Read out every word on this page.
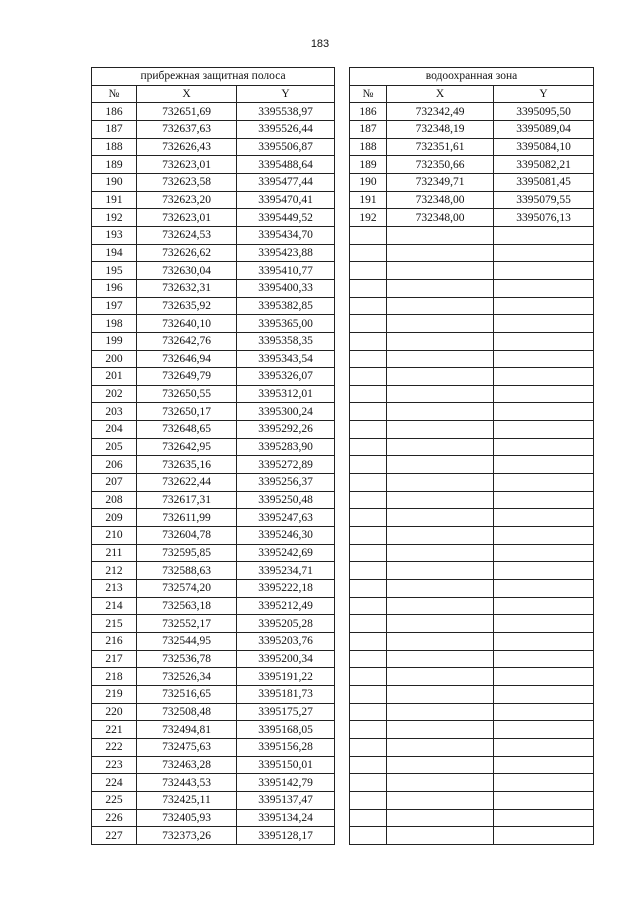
183
прибрежная защитная полоса				водоохранная зона		
№	X	Y		№	X	Y
186	732651,69	3395538,97		186	732342,49	3395095,50
187	732637,63	3395526,44		187	732348,19	3395089,04
188	732626,43	3395506,87		188	732351,61	3395084,10
189	732623,01	3395488,64		189	732350,66	3395082,21
190	732623,58	3395477,44		190	732349,71	3395081,45
191	732623,20	3395470,41		191	732348,00	3395079,55
192	732623,01	3395449,52		192	732348,00	3395076,13
193	732624,53	3395434,70				
194	732626,62	3395423,88				
195	732630,04	3395410,77				
196	732632,31	3395400,33				
197	732635,92	3395382,85				
198	732640,10	3395365,00				
199	732642,76	3395358,35				
200	732646,94	3395343,54				
201	732649,79	3395326,07				
202	732650,55	3395312,01				
203	732650,17	3395300,24				
204	732648,65	3395292,26				
205	732642,95	3395283,90				
206	732635,16	3395272,89				
207	732622,44	3395256,37				
208	732617,31	3395250,48				
209	732611,99	3395247,63				
210	732604,78	3395246,30				
211	732595,85	3395242,69				
212	732588,63	3395234,71				
213	732574,20	3395222,18				
214	732563,18	3395212,49				
215	732552,17	3395205,28				
216	732544,95	3395203,76				
217	732536,78	3395200,34				
218	732526,34	3395191,22				
219	732516,65	3395181,73				
220	732508,48	3395175,27				
221	732494,81	3395168,05				
222	732475,63	3395156,28				
223	732463,28	3395150,01				
224	732443,53	3395142,79				
225	732425,11	3395137,47				
226	732405,93	3395134,24				
227	732373,26	3395128,17				
